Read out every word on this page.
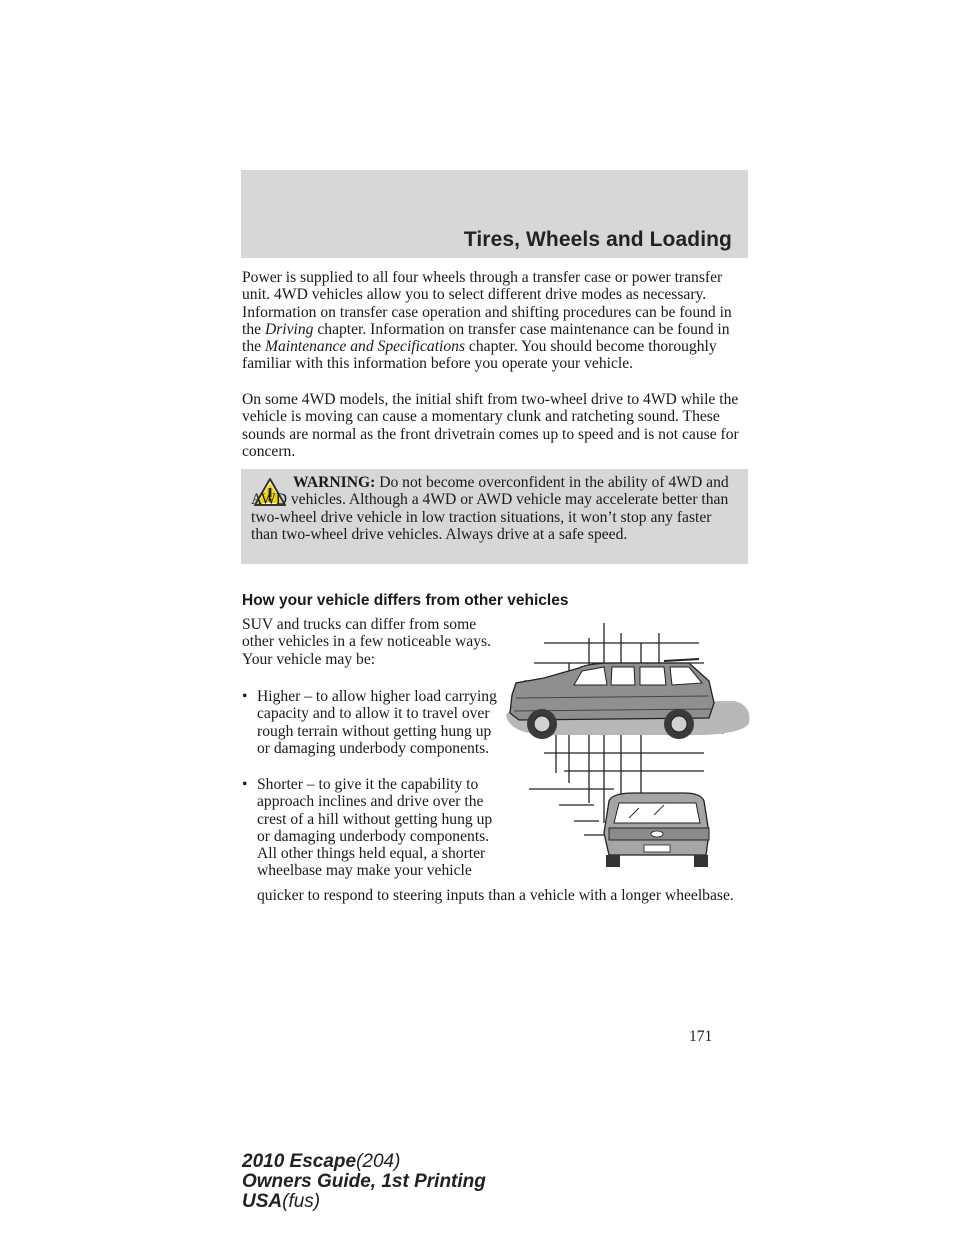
Tires, Wheels and Loading

Power is supplied to all four wheels through a transfer case or power transfer unit. 4WD vehicles allow you to select different drive modes as necessary. Information on transfer case operation and shifting procedures can be found in the Driving chapter. Information on transfer case maintenance can be found in the Maintenance and Specifications chapter. You should become thoroughly familiar with this information before you operate your vehicle.

On some 4WD models, the initial shift from two-wheel drive to 4WD while the vehicle is moving can cause a momentary clunk and ratcheting sound. These sounds are normal as the front drivetrain comes up to speed and is not cause for concern.

WARNING: Do not become overconfident in the ability of 4WD and AWD vehicles. Although a 4WD or AWD vehicle may accelerate better than two-wheel drive vehicle in low traction situations, it won’t stop any faster than two-wheel drive vehicles. Always drive at a safe speed.

How your vehicle differs from other vehicles

SUV and trucks can differ from some other vehicles in a few noticeable ways. Your vehicle may be:

• Higher – to allow higher load carrying capacity and to allow it to travel over rough terrain without getting hung up or damaging underbody components.
• Shorter – to give it the capability to approach inclines and drive over the crest of a hill without getting hung up or damaging underbody components. All other things held equal, a shorter wheelbase may make your vehicle

quicker to respond to steering inputs than a vehicle with a longer wheelbase.

171
2010 Escape(204)
Owners Guide, 1st Printing
USA(fus)
